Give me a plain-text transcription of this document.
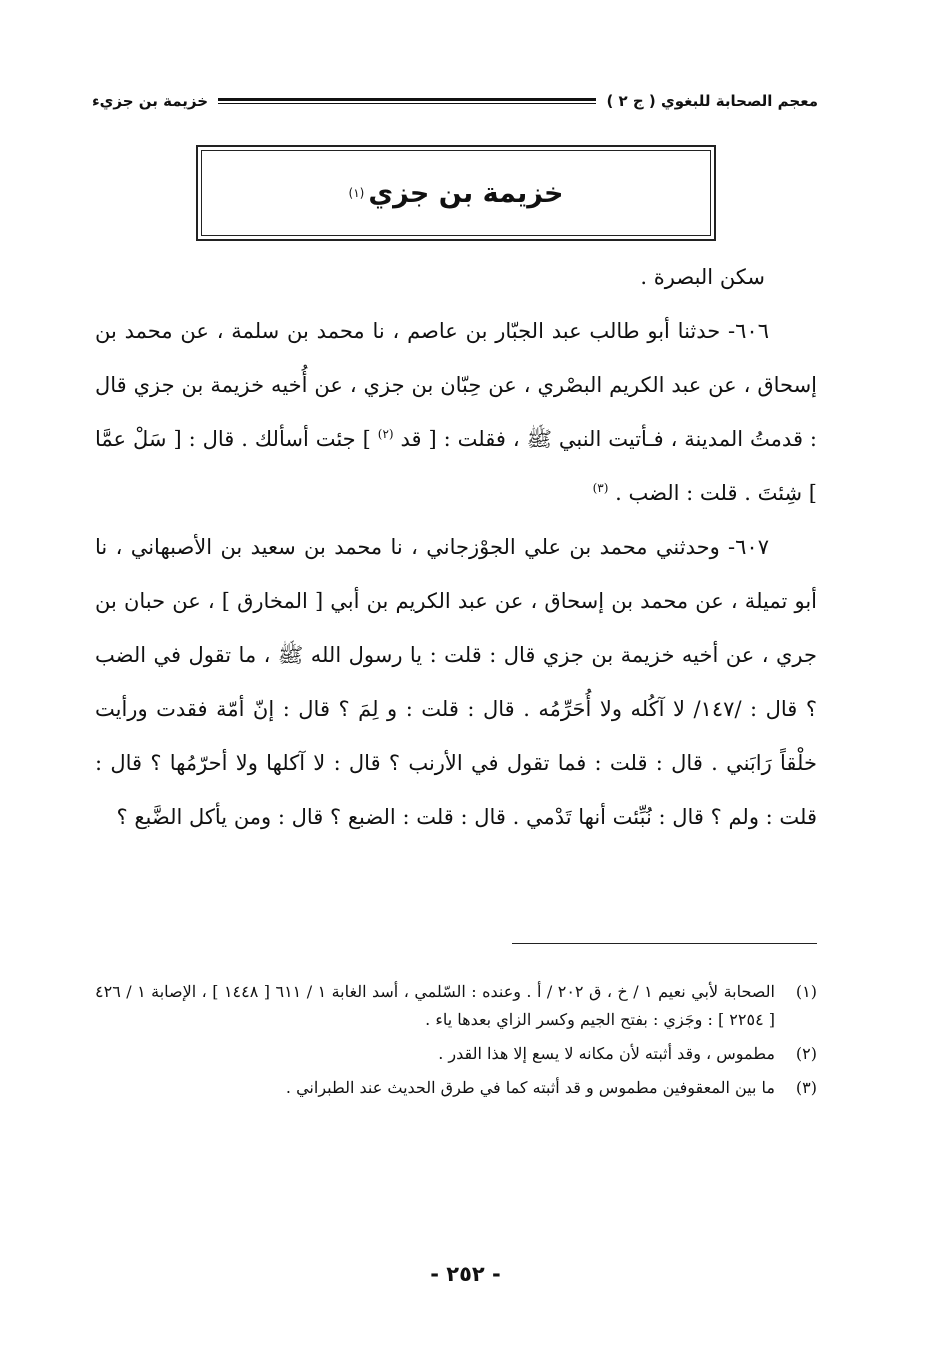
معجم الصحابة للبغوي ( ج ٢ )
خزيمة بن جزيء
خزيمة بن جزي
(١)

سكن البصرة .

٦٠٦- حدثنا أبو طالب عبد الجبّار بن عاصم ، نا محمد بن سلمة ، عن محمد بن إسحاق ، عن عبد الكريم البصْري ، عن حِبّان بن جزي ، عن أُخيه خزيمة بن جزي قال : قدمتُ المدينة ، فـأتيت النبي ﷺ ، فقلت : [ قد $^{(٢)}$ ] جئت أسألك . قال : [ سَلْ عمَّا ] شِئتَ . قلت : الضب . $^{(٣)}$

٦٠٧- وحدثني محمد بن علي الجوْزجاني ، نا محمد بن سعيد بن الأصبهاني ، نا أبو تميلة ، عن محمد بن إسحاق ، عن عبد الكريم بن أبي [ المخارق ] ، عن حبان بن جري ، عن أخيه خزيمة بن جزي قال : قلت : يا رسول الله ﷺ ، ما تقول في الضب ؟ قال : /١٤٧/ لا آكُله ولا أُحَرِّمُه . قال : قلت : و لِمَ ؟ قال : إنّ أمّة فقدت ورأيت خلْقاً رَابَني . قال : قلت : فما تقول في الأرنب ؟ قال : لا آكلها ولا أحرّمُها ؟ قال : قلت : ولم ؟ قال : نُبِّئت أنها تَدْمي . قال : قلت : الضبع ؟ قال : ومن يأكل الضَّبع ؟

(١)
الصحابة لأبي نعيم ١ / خ ، ق ٢٠٢ / أ . وعنده : السّلمي ، أسد الغابة ١ / ٦١١ [ ١٤٤٨ ] ، الإصابة ١ / ٤٢٦ [ ٢٢٥٤ ] : وجَزي : بفتح الجيم وكسر الزاي بعدها ياء .
(٢)
مطموس ، وقد أثبته لأن مكانه لا يسع إلا هذا القدر .
(٣)
ما بين المعقوفين مطموس و قد أثبته كما في طرق الحديث عند الطبراني .
- ٢٥٢ -
